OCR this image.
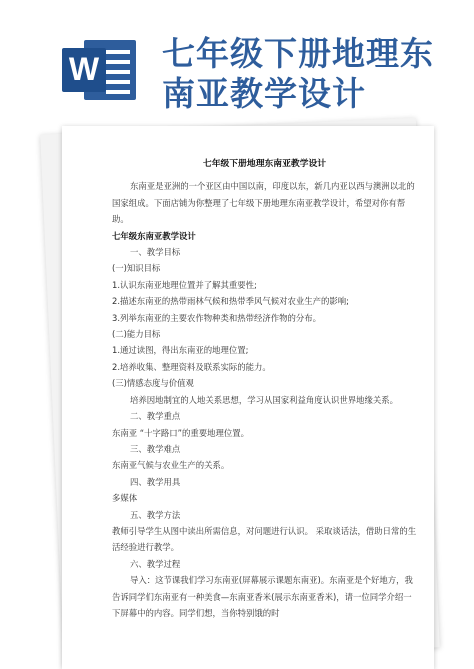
W 七年级下册地理东
南亚教学设计
七年级下册地理东南亚教学设计

东南亚是亚洲的一个亚区由中国以南，印度以东，新几内亚以西与澳洲以北的国家组成。下面店铺为你整理了七年级下册地理东南亚教学设计，希望对你有帮助。

七年级东南亚教学设计

一、教学目标

(一)知识目标

1.认识东南亚地理位置并了解其重要性;

2.描述东南亚的热带雨林气候和热带季风气候对农业生产的影响;

3.列举东南亚的主要农作物种类和热带经济作物的分布。

(二)能力目标

1.通过读图，得出东南亚的地理位置;

2.培养收集、整理资料及联系实际的能力。

(三)情感态度与价值观

培养因地制宜的人地关系思想，学习从国家利益角度认识世界地缘关系。

二、教学重点

东南亚 “十字路口”的重要地理位置。

三、教学难点

东南亚气候与农业生产的关系。

四、教学用具

多媒体

五、教学方法

教师引导学生从图中读出所需信息，对问题进行认识。 采取谈话法，借助日常的生活经验进行教学。

六、教学过程

导入：这节课我们学习东南亚(屏幕展示课题东南亚)。东南亚是个好地方，我告诉同学们东南亚有一种美食—东南亚香米(展示东南亚香米)，请一位同学介绍一下屏幕中的内容。同学们想，当你特别饿的时
